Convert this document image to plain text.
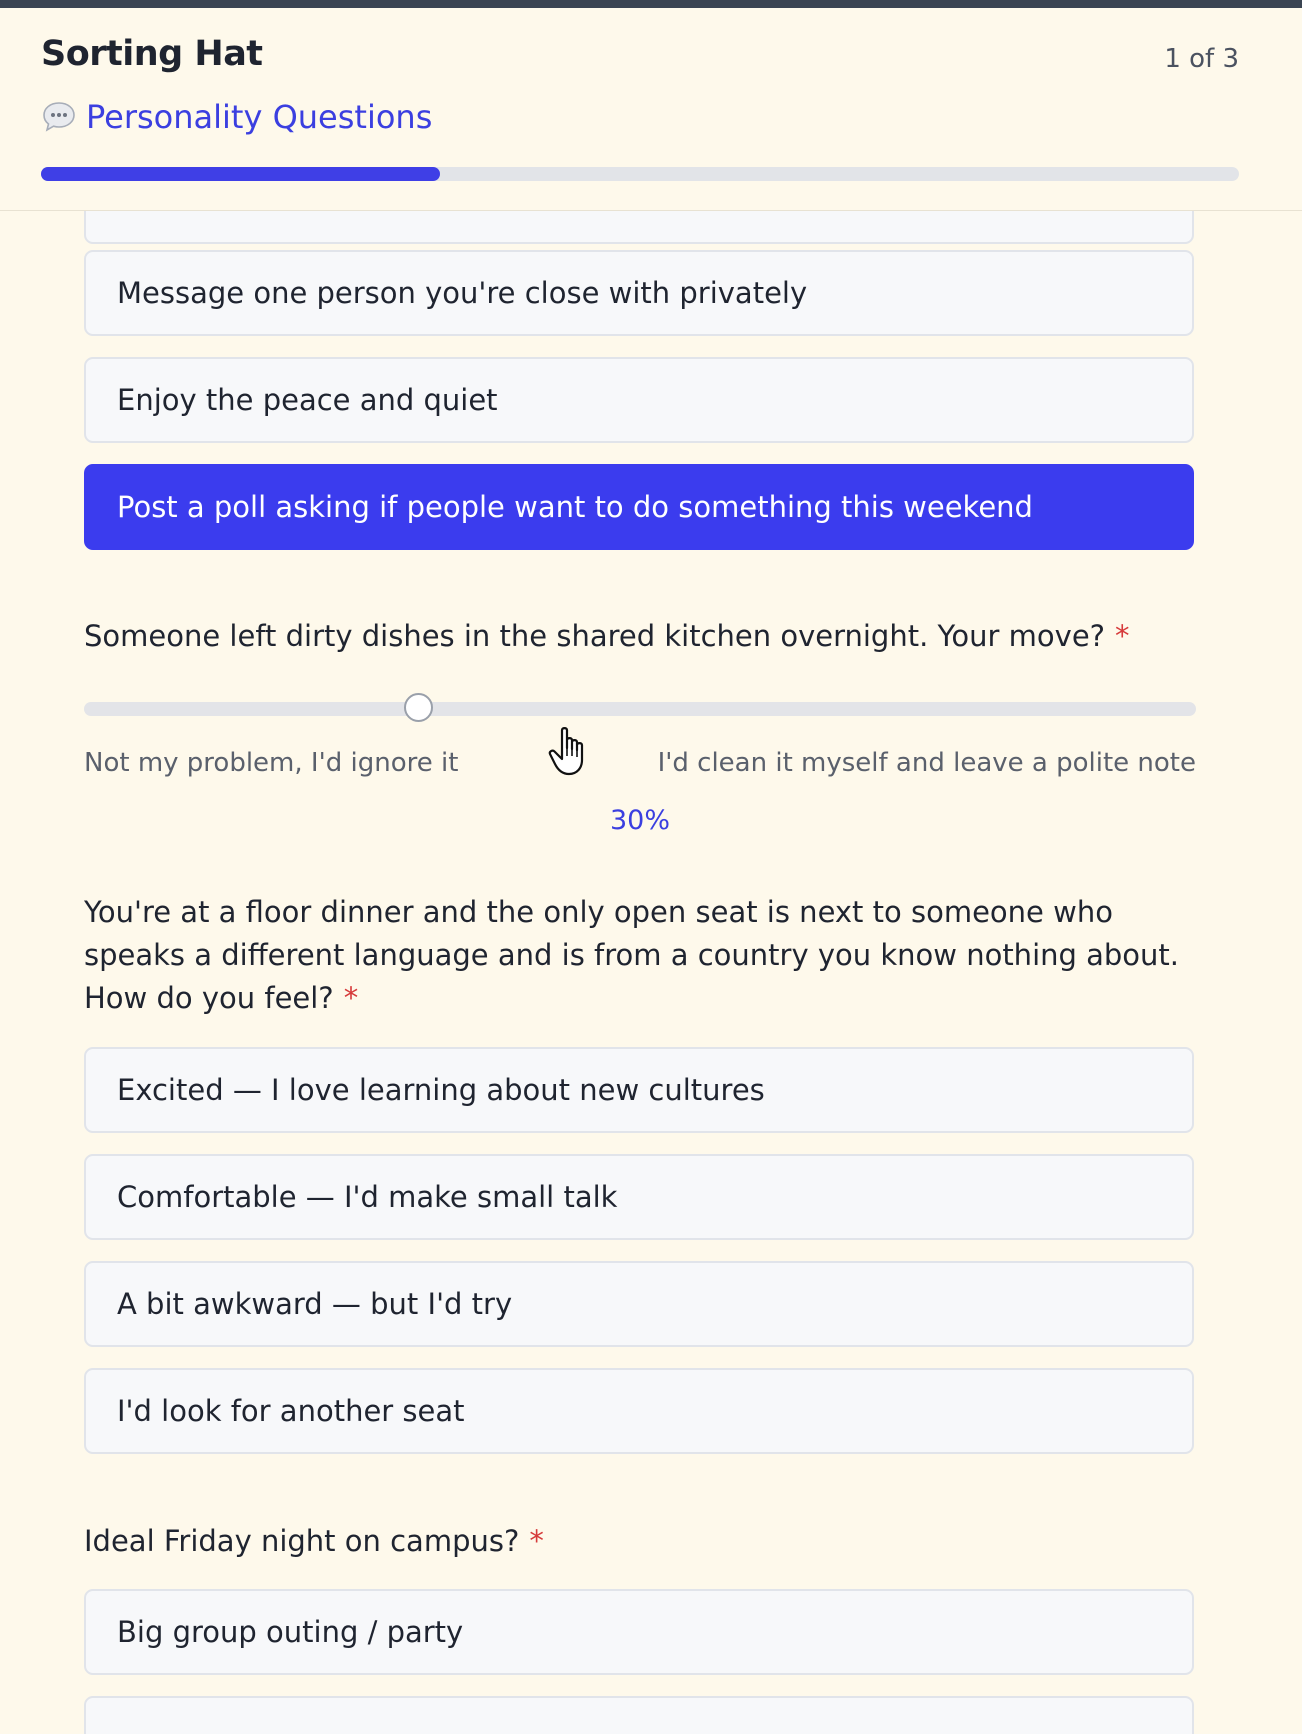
Message one person you're close with privately
Enjoy the peace and quiet
Post a poll asking if people want to do something this weekend
Someone left dirty dishes in the shared kitchen overnight. Your move? *
Not my problem, I'd ignore it	I'd clean it myself and leave a polite note
30%
You're at a floor dinner and the only open seat is next to someone who speaks a different language and is from a country you know nothing about. How do you feel? *
Excited — I love learning about new cultures
Comfortable — I'd make small talk
A bit awkward — but I'd try
I'd look for another seat
Ideal Friday night on campus? *
Big group outing / party
Sorting Hat	1 of 3
Personality Questions
